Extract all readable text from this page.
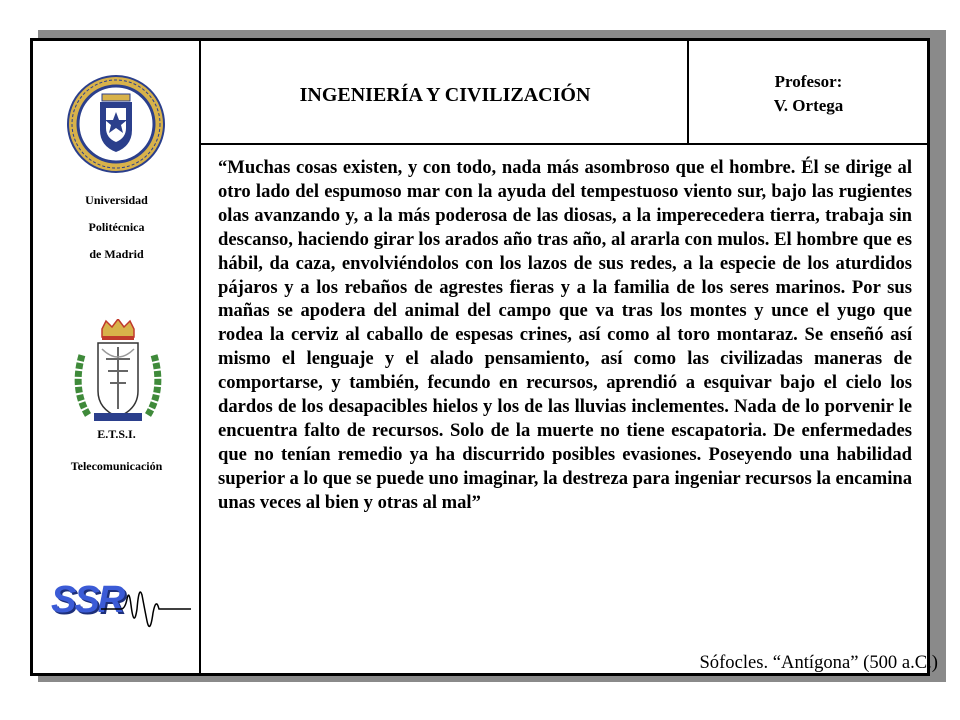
INGENIERÍA Y CIVILIZACIÓN
Profesor:
V. Ortega
Universidad
Politécnica
de Madrid
E.T.S.I.
Telecomunicación
SSR
“Muchas cosas existen, y con todo, nada más asombroso que el hombre. Él se dirige al otro lado del espumoso mar con la ayuda del tempestuoso viento sur, bajo las rugientes olas avanzando y, a la más poderosa de las diosas, a la imperecedera tierra, trabaja sin descanso, haciendo girar los arados año tras año, al ararla con mulos. El hombre que es hábil, da caza, envolviéndolos con los lazos de sus redes, a la especie de los aturdidos pájaros y a los rebaños de agrestes fieras y a la familia de los seres marinos. Por sus mañas se apodera del animal del campo que va tras los montes y unce el yugo que rodea la cerviz al caballo de espesas crines, así como al toro montaraz. Se enseñó así mismo el lenguaje y el alado pensamiento, así como las civilizadas maneras de comportarse, y también, fecundo en recursos, aprendió a esquivar bajo el cielo los dardos de los desapacibles hielos y los de las lluvias inclementes. Nada de lo porvenir le encuentra falto de recursos. Solo de la muerte no tiene escapatoria. De enfermedades que no tenían remedio ya ha discurrido posibles evasiones. Poseyendo una habilidad superior a lo que se puede uno imaginar, la destreza para ingeniar recursos la encamina unas veces al bien y otras al mal”
Sófocles. “Antígona” (500 a.C.)
